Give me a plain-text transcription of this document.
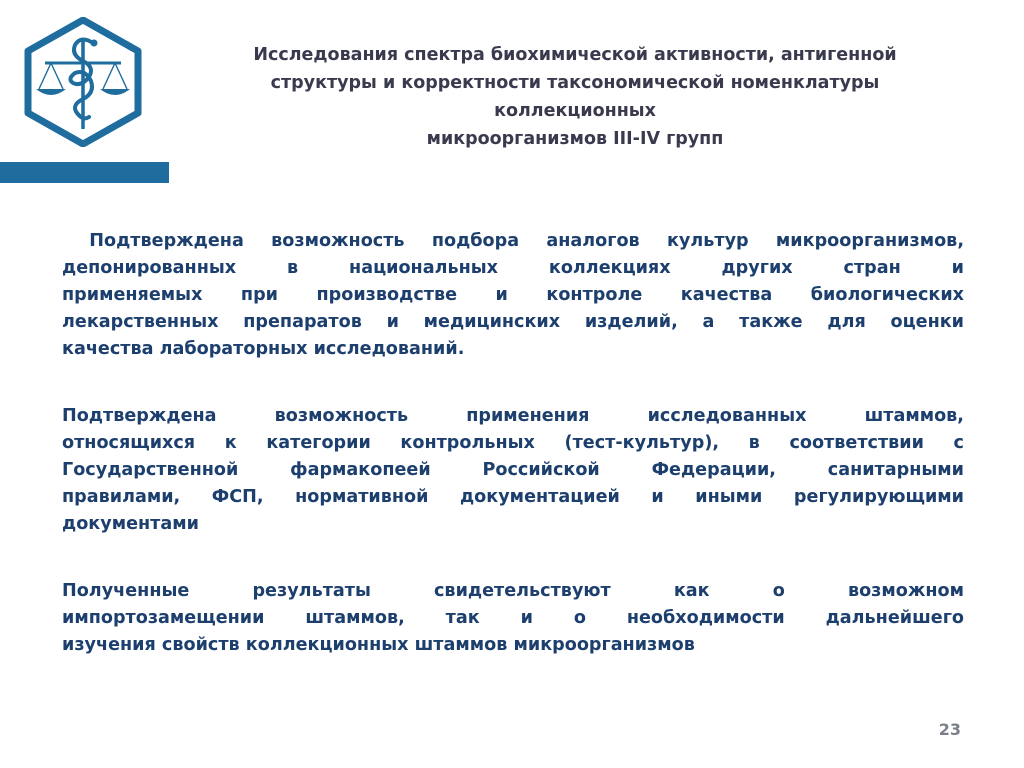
Исследования спектра биохимической активности, антигенной
структуры и корректности таксономической номенклатуры
коллекционных
микроорганизмов III-IV групп
Подтверждена возможность подбора аналогов культур микроорганизмов,
депонированных в национальных коллекциях других стран и
применяемых при производстве и контроле качества биологических
лекарственных препаратов и медицинских изделий, а также для оценки
качества лабораторных исследований.
Подтверждена возможность применения исследованных штаммов,
относящихся к категории контрольных (тест-культур), в соответствии с
Государственной фармакопеей Российской Федерации, санитарными
правилами, ФСП, нормативной документацией и иными регулирующими
документами
Полученные результаты свидетельствуют как о возможном
импортозамещении штаммов, так и о необходимости дальнейшего
изучения свойств коллекционных штаммов микроорганизмов
23
